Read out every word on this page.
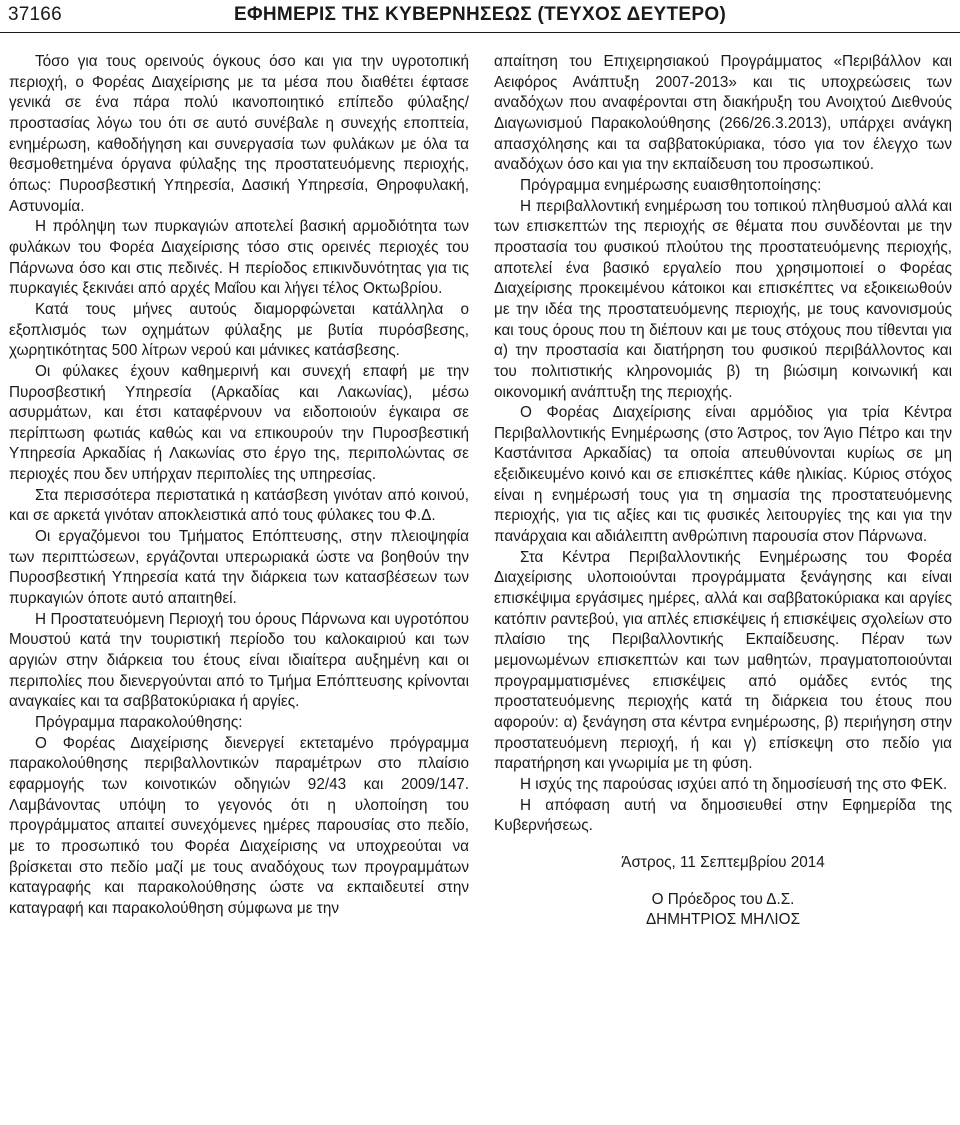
37166	ΕΦΗΜΕΡΙΣ ΤΗΣ ΚΥΒΕΡΝΗΣΕΩΣ (ΤΕΥΧΟΣ ΔΕΥΤΕΡΟ)

Τόσο για τους ορεινούς όγκους όσο και για την υγροτοπική περιοχή, ο Φορέας Διαχείρισης με τα μέσα που διαθέτει έφτασε γενικά σε ένα πάρα πολύ ικανοποιητικό επίπεδο φύλαξης/προστασίας λόγω του ότι σε αυτό συνέβαλε η συνεχής εποπτεία, ενημέρωση, καθοδήγηση και συνεργασία των φυλάκων με όλα τα θεσμοθετημένα όργανα φύλαξης της προστατευόμενης περιοχής, όπως: Πυροσβεστική Υπηρεσία, Δασική Υπηρεσία, Θηροφυλακή, Αστυνομία.

Η πρόληψη των πυρκαγιών αποτελεί βασική αρμοδιότητα των φυλάκων του Φορέα Διαχείρισης τόσο στις ορεινές περιοχές του Πάρνωνα όσο και στις πεδινές. Η περίοδος επικινδυνότητας για τις πυρκαγιές ξεκινάει από αρχές Μαΐου και λήγει τέλος Οκτωβρίου.

Κατά τους μήνες αυτούς διαμορφώνεται κατάλληλα ο εξοπλισμός των οχημάτων φύλαξης με βυτία πυρόσβεσης, χωρητικότητας 500 λίτρων νερού και μάνικες κατάσβεσης.

Οι φύλακες έχουν καθημερινή και συνεχή επαφή με την Πυροσβεστική Υπηρεσία (Αρκαδίας και Λακωνίας), μέσω ασυρμάτων, και έτσι καταφέρνουν να ειδοποιούν έγκαιρα σε περίπτωση φωτιάς καθώς και να επικουρούν την Πυροσβεστική Υπηρεσία Αρκαδίας ή Λακωνίας στο έργο της, περιπολώντας σε περιοχές που δεν υπήρχαν περιπολίες της υπηρεσίας.

Στα περισσότερα περιστατικά η κατάσβεση γινόταν από κοινού, και σε αρκετά γινόταν αποκλειστικά από τους φύλακες του Φ.Δ.

Οι εργαζόμενοι του Τμήματος Επόπτευσης, στην πλειοψηφία των περιπτώσεων, εργάζονται υπερωριακά ώστε να βοηθούν την Πυροσβεστική Υπηρεσία κατά την διάρκεια των κατασβέσεων των πυρκαγιών όποτε αυτό απαιτηθεί.

Η Προστατευόμενη Περιοχή του όρους Πάρνωνα και υγροτόπου Μουστού κατά την τουριστική περίοδο του καλοκαιριού και των αργιών στην διάρκεια του έτους είναι ιδιαίτερα αυξημένη και οι περιπολίες που διενεργούνται από το Τμήμα Επόπτευσης κρίνονται αναγκαίες και τα σαββατοκύριακα ή αργίες.

Πρόγραμμα παρακολούθησης:

Ο Φορέας Διαχείρισης διενεργεί εκτεταμένο πρόγραμμα παρακολούθησης περιβαλλοντικών παραμέτρων στο πλαίσιο εφαρμογής των κοινοτικών οδηγιών 92/43 και 2009/147. Λαμβάνοντας υπόψη το γεγονός ότι η υλοποίηση του προγράμματος απαιτεί συνεχόμενες ημέρες παρουσίας στο πεδίο, με το προσωπικό του Φορέα Διαχείρισης να υποχρεούται να βρίσκεται στο πεδίο μαζί με τους αναδόχους των προγραμμάτων καταγραφής και παρακολούθησης ώστε να εκπαιδευτεί στην καταγραφή και παρακολούθηση σύμφωνα με την

απαίτηση του Επιχειρησιακού Προγράμματος «Περιβάλλον και Αειφόρος Ανάπτυξη 2007-2013» και τις υποχρεώσεις των αναδόχων που αναφέρονται στη διακήρυξη του Ανοιχτού Διεθνούς Διαγωνισμού Παρακολούθησης (266/26.3.2013), υπάρχει ανάγκη απασχόλησης και τα σαββατοκύριακα, τόσο για τον έλεγχο των αναδόχων όσο και για την εκπαίδευση του προσωπικού.

Πρόγραμμα ενημέρωσης ευαισθητοποίησης:

Η περιβαλλοντική ενημέρωση του τοπικού πληθυσμού αλλά και των επισκεπτών της περιοχής σε θέματα που συνδέονται με την προστασία του φυσικού πλούτου της προστατευόμενης περιοχής, αποτελεί ένα βασικό εργαλείο που χρησιμοποιεί ο Φορέας Διαχείρισης προκειμένου κάτοικοι και επισκέπτες να εξοικειωθούν με την ιδέα της προστατευόμενης περιοχής, με τους κανονισμούς και τους όρους που τη διέπουν και με τους στόχους που τίθενται για α) την προστασία και διατήρηση του φυσικού περιβάλλοντος και του πολιτιστικής κληρονομιάς β) τη βιώσιμη κοινωνική και οικονομική ανάπτυξη της περιοχής.

Ο Φορέας Διαχείρισης είναι αρμόδιος για τρία Κέντρα Περιβαλλοντικής Ενημέρωσης (στο Άστρος, τον Άγιο Πέτρο και την Καστάνιτσα Αρκαδίας) τα οποία απευθύνονται κυρίως σε μη εξειδικευμένο κοινό και σε επισκέπτες κάθε ηλικίας. Κύριος στόχος είναι η ενημέρωσή τους για τη σημασία της προστατευόμενης περιοχής, για τις αξίες και τις φυσικές λειτουργίες της και για την πανάρχαια και αδιάλειπτη ανθρώπινη παρουσία στον Πάρνωνα.

Στα Κέντρα Περιβαλλοντικής Ενημέρωσης του Φορέα Διαχείρισης υλοποιούνται προγράμματα ξενάγησης και είναι επισκέψιμα εργάσιμες ημέρες, αλλά και σαββατοκύριακα και αργίες κατόπιν ραντεβού, για απλές επισκέψεις ή επισκέψεις σχολείων στο πλαίσιο της Περιβαλλοντικής Εκπαίδευσης. Πέραν των μεμονωμένων επισκεπτών και των μαθητών, πραγματοποιούνται προγραμματισμένες επισκέψεις από ομάδες εντός της προστατευόμενης περιοχής κατά τη διάρκεια του έτους που αφορούν: α) ξενάγηση στα κέντρα ενημέρωσης, β) περιήγηση στην προστατευόμενη περιοχή, ή και γ) επίσκεψη στο πεδίο για παρατήρηση και γνωριμία με τη φύση.

Η ισχύς της παρούσας ισχύει από τη δημοσίευσή της στο ΦΕΚ.

Η απόφαση αυτή να δημοσιευθεί στην Εφημερίδα της Κυβερνήσεως.

Άστρος, 11 Σεπτεμβρίου 2014

Ο Πρόεδρος του Δ.Σ.

ΔΗΜΗΤΡΙΟΣ ΜΗΛΙΟΣ
